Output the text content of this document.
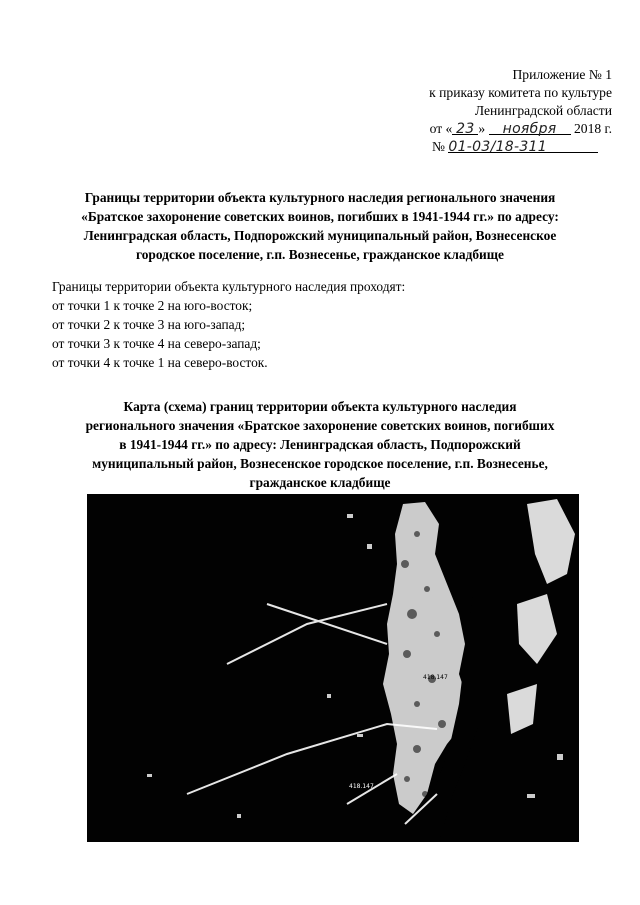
Приложение № 1
к приказу комитета по культуре
Ленинградской области
от « 23 » ноября 2018 г.
№ 01-03/18-311
Границы территории объекта культурного наследия регионального значения
«Братское захоронение советских воинов, погибших в 1941-1944 гг.» по адресу:
Ленинградская область, Подпорожский муниципальный район, Вознесенское
городское поселение, г.п. Вознесенье, гражданское кладбище
Границы территории объекта культурного наследия проходят:
от точки 1 к точке 2 на юго-восток;
от точки 2 к точке 3 на юго-запад;
от точки 3 к точке 4 на северо-запад;
от точки 4 к точке 1 на северо-восток.
Карта (схема) границ территории объекта культурного наследия
регионального значения «Братское захоронение советских воинов, погибших
в 1941-1944 гг.» по адресу: Ленинградская область, Подпорожский
муниципальный район, Вознесенское городское поселение, г.п. Вознесенье,
гражданское кладбище
418.147
418.147
